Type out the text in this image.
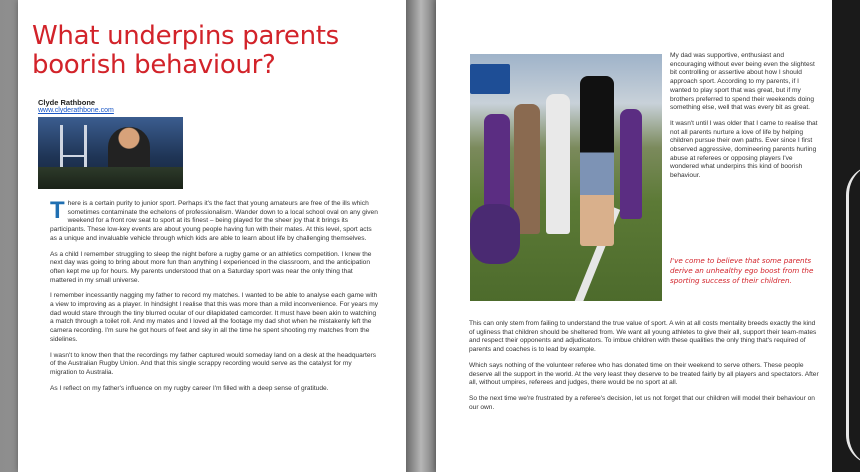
What underpins parents boorish behaviour?
Clyde Rathbone
www.clyderathbone.com

There is a certain purity to junior sport. Perhaps it's the fact that young amateurs are free of the ills which sometimes contaminate the echelons of professionalism. Wander down to a local school oval on any given weekend for a front row seat to sport at its finest – being played for the sheer joy that it brings its participants. These low-key events are about young people having fun with their mates. At this level, sport acts as a unique and invaluable vehicle through which kids are able to learn about life by challenging themselves.

As a child I remember struggling to sleep the night before a rugby game or an athletics competition. I knew the next day was going to bring about more fun than anything I experienced in the classroom, and the anticipation often kept me up for hours. My parents understood that on a Saturday sport was near the only thing that mattered in my small universe.

I remember incessantly nagging my father to record my matches. I wanted to be able to analyse each game with a view to improving as a player. In hindsight I realise that this was more than a mild inconvenience. For years my dad would stare through the tiny blurred ocular of our dilapidated camcorder. It must have been akin to watching a match through a toilet roll. And my mates and I loved all the footage my dad shot when he mistakenly left the camera recording. I'm sure he got hours of feet and sky in all the time he spent shooting my matches from the sidelines.

I wasn't to know then that the recordings my father captured would someday land on a desk at the headquarters of the Australian Rugby Union. And that this single scrappy recording would serve as the catalyst for my migration to Australia.

As I reflect on my father's influence on my rugby career I'm filled with a deep sense of gratitude.

My dad was supportive, enthusiast and encouraging without ever being even the slightest bit controlling or assertive about how I should approach sport. According to my parents, if I wanted to play sport that was great, but if my brothers preferred to spend their weekends doing something else, well that was every bit as great.

It wasn't until I was older that I came to realise that not all parents nurture a love of life by helping children pursue their own paths. Ever since I first observed aggressive, domineering parents hurling abuse at referees or opposing players I've wondered what underpins this kind of boorish behaviour.

I've come to believe that some parents derive an unhealthy ego boost from the sporting success of their children.

This can only stem from failing to understand the true value of sport. A win at all costs mentality breeds exactly the kind of ugliness that children should be sheltered from. We want all young athletes to give their all, support their team-mates and respect their opponents and adjudicators. To imbue children with these qualities the only thing that's required of parents and coaches is to lead by example.

Which says nothing of the volunteer referee who has donated time on their weekend to serve others. These people deserve all the support in the world. At the very least they deserve to be treated fairly by all players and spectators. After all, without umpires, referees and judges, there would be no sport at all.

So the next time we're frustrated by a referee's decision, let us not forget that our children will model their behaviour on our own.
